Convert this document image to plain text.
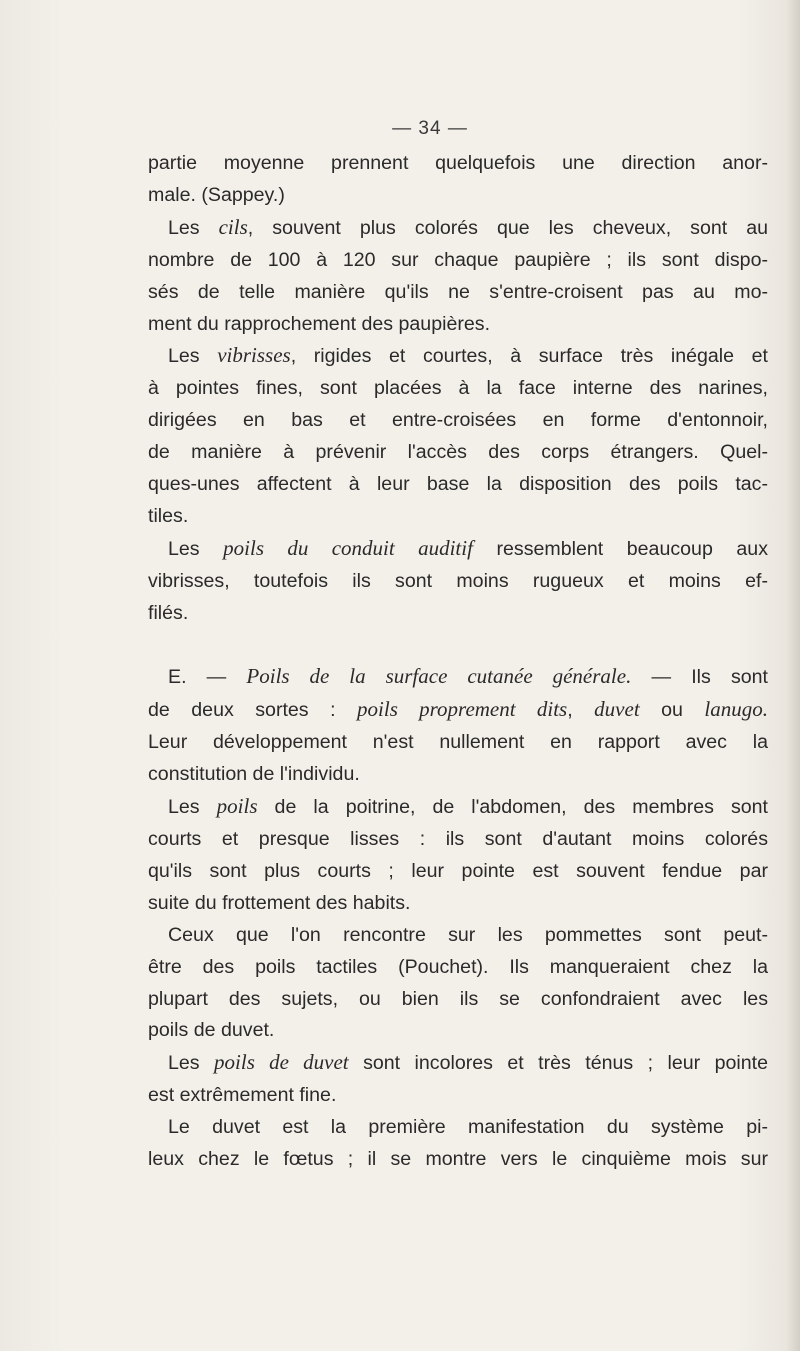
— 34 —
partie moyenne prennent quelquefois une direction anor-
male. (Sappey.)
Les cils, souvent plus colorés que les cheveux, sont au
nombre de 100 à 120 sur chaque paupière ; ils sont dispo-
sés de telle manière qu'ils ne s'entre-croisent pas au mo-
ment du rapprochement des paupières.
Les vibrisses, rigides et courtes, à surface très inégale et
à pointes fines, sont placées à la face interne des narines,
dirigées en bas et entre-croisées en forme d'entonnoir,
de manière à prévenir l'accès des corps étrangers. Quel-
ques-unes affectent à leur base la disposition des poils tac-
tiles.
Les poils du conduit auditif ressemblent beaucoup aux
vibrisses, toutefois ils sont moins rugueux et moins ef-
filés.
E. — Poils de la surface cutanée générale. — Ils sont
de deux sortes : poils proprement dits, duvet ou lanugo.
Leur développement n'est nullement en rapport avec la
constitution de l'individu.
Les poils de la poitrine, de l'abdomen, des membres sont
courts et presque lisses : ils sont d'autant moins colorés
qu'ils sont plus courts ; leur pointe est souvent fendue par
suite du frottement des habits.
Ceux que l'on rencontre sur les pommettes sont peut-
être des poils tactiles (Pouchet). Ils manqueraient chez la
plupart des sujets, ou bien ils se confondraient avec les
poils de duvet.
Les poils de duvet sont incolores et très ténus ; leur pointe
est extrêmement fine.
Le duvet est la première manifestation du système pi-
leux chez le fœtus ; il se montre vers le cinquième mois sur
